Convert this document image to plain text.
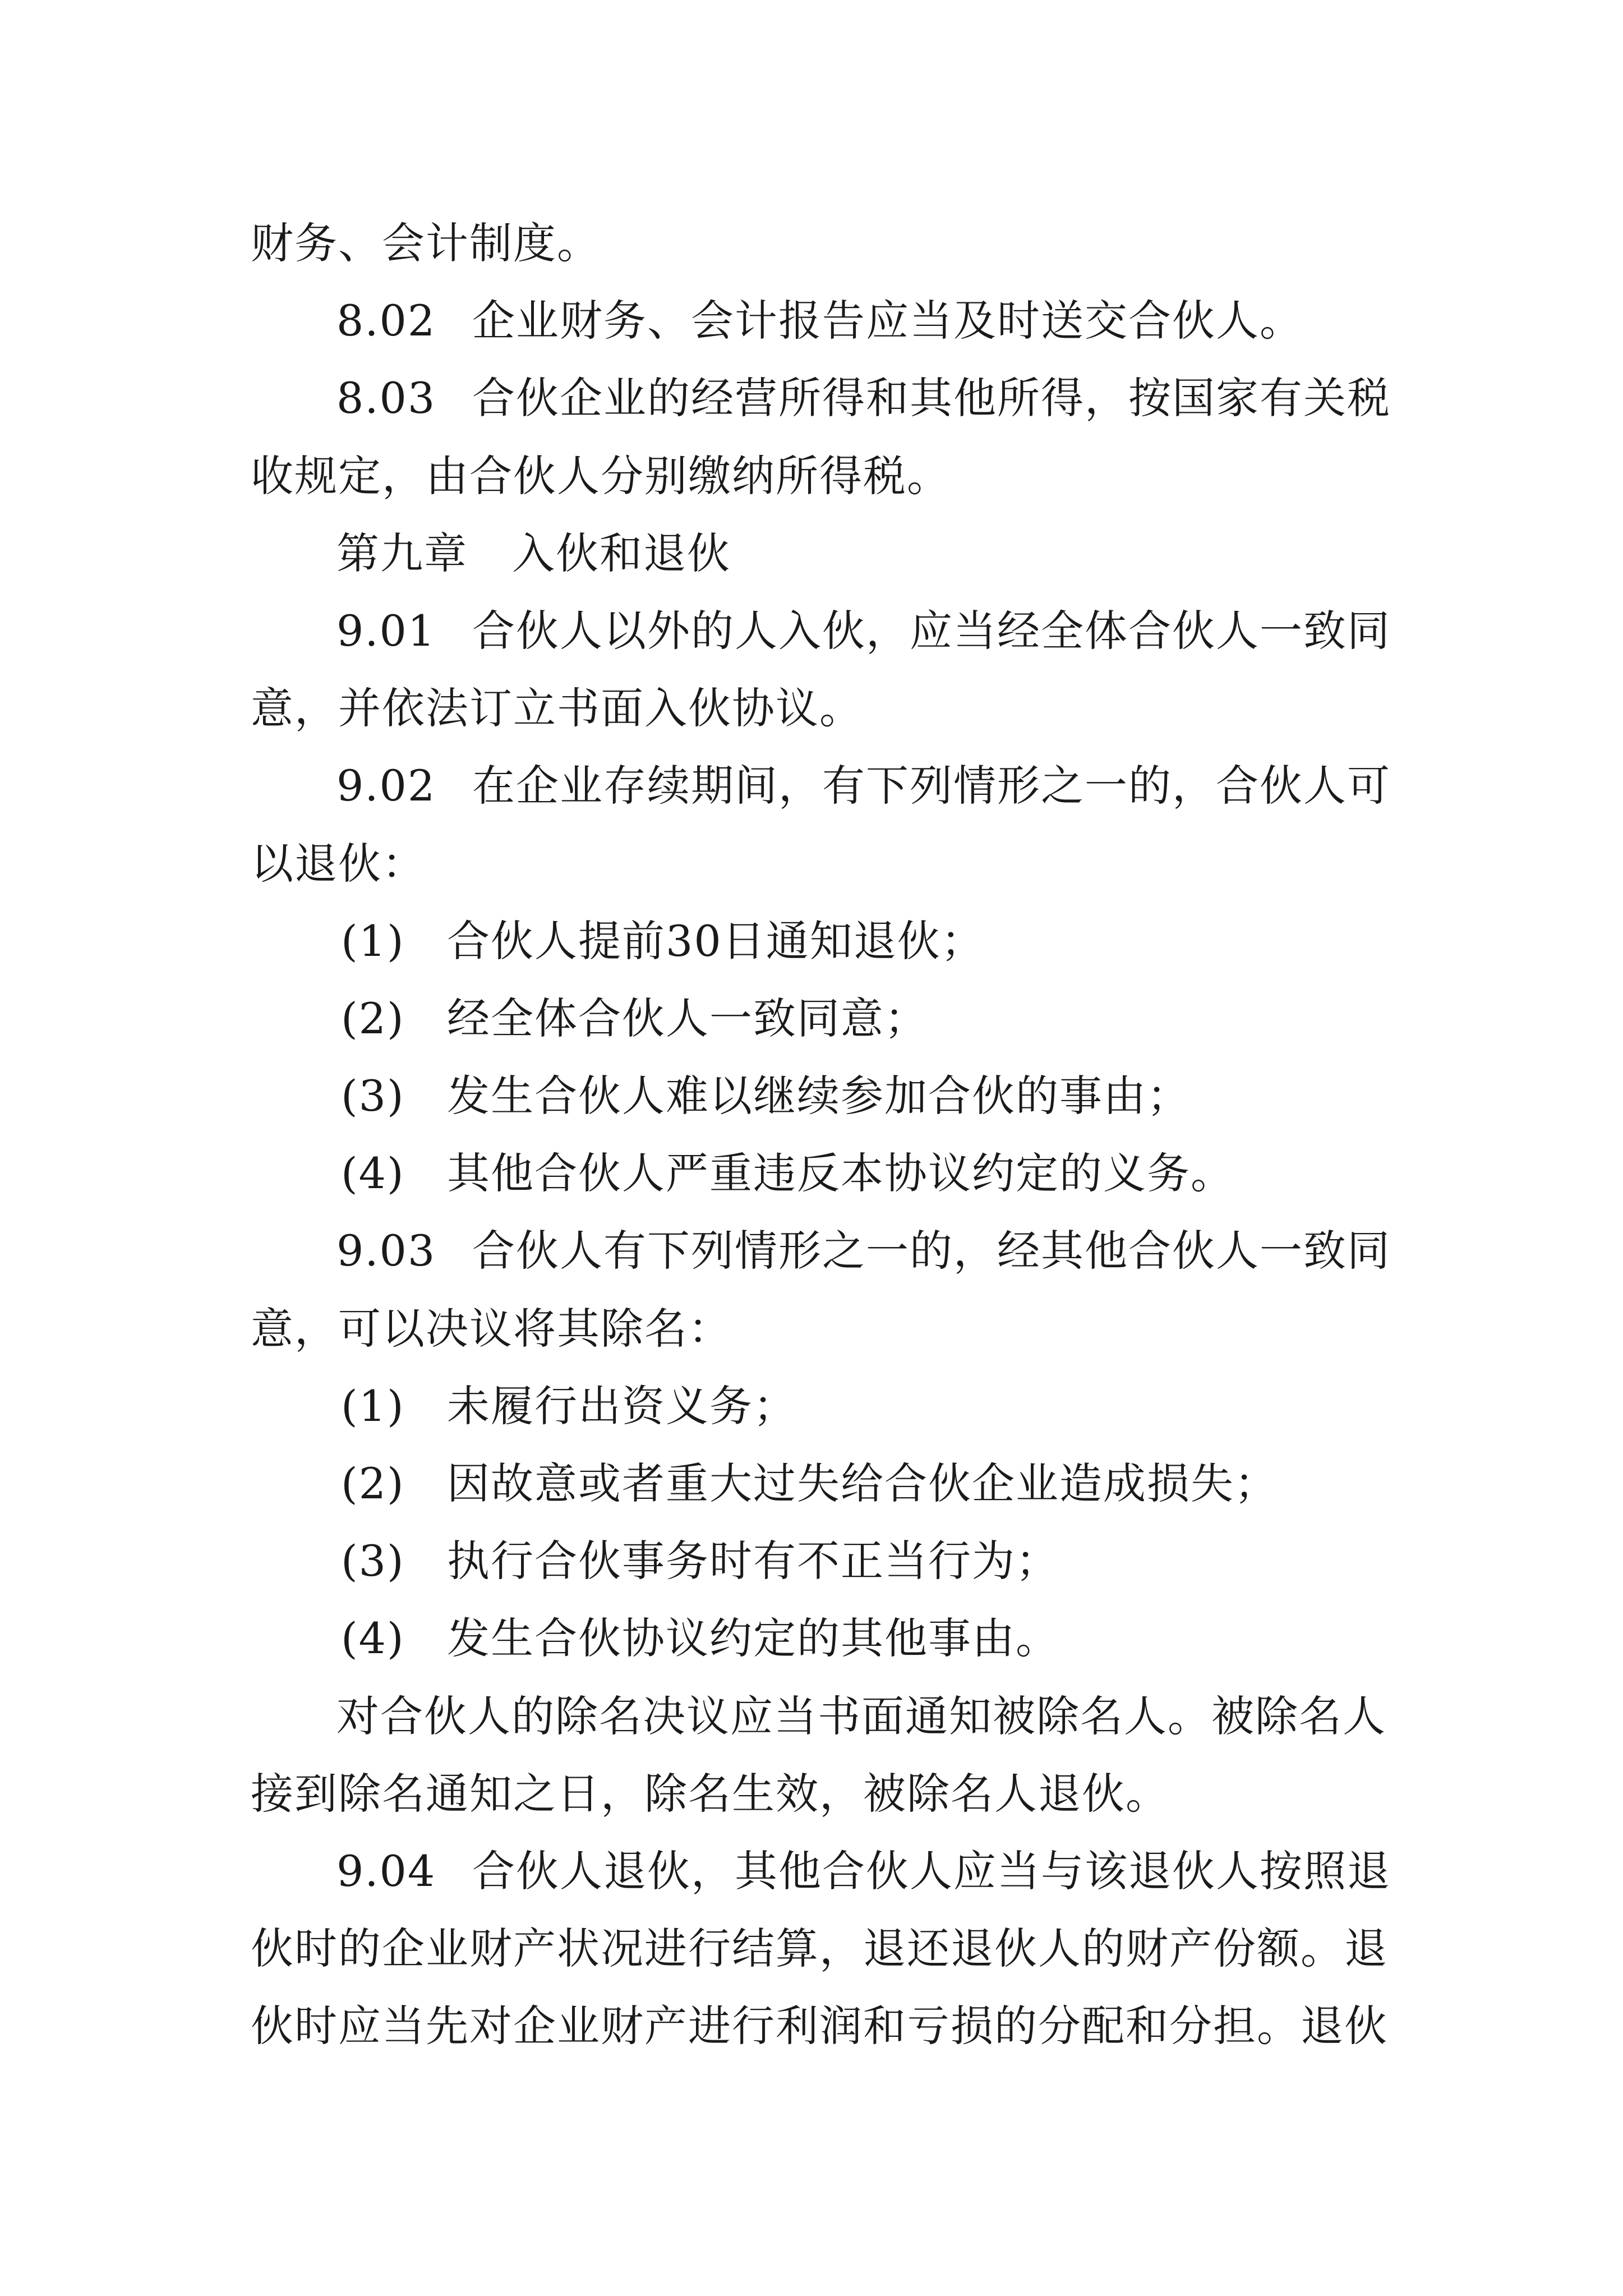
财务、会计制度。
8.02 企业财务、会计报告应当及时送交合伙人。
8.03 合伙企业的经营所得和其他所得，按国家有关税
收规定，由合伙人分别缴纳所得税。
第九章 入伙和退伙
9.01 合伙人以外的人入伙，应当经全体合伙人一致同
意，并依法订立书面入伙协议。
9.02 在企业存续期间，有下列情形之一的，合伙人可
以退伙：
(1) 合伙人提前30日通知退伙；
(2) 经全体合伙人一致同意；
(3) 发生合伙人难以继续参加合伙的事由；
(4) 其他合伙人严重违反本协议约定的义务。
9.03 合伙人有下列情形之一的，经其他合伙人一致同
意，可以决议将其除名：
(1) 未履行出资义务；
(2) 因故意或者重大过失给合伙企业造成损失；
(3) 执行合伙事务时有不正当行为；
(4) 发生合伙协议约定的其他事由。
对合伙人的除名决议应当书面通知被除名人。被除名人
接到除名通知之日，除名生效，被除名人退伙。
9.04 合伙人退伙，其他合伙人应当与该退伙人按照退
伙时的企业财产状况进行结算，退还退伙人的财产份额。退
伙时应当先对企业财产进行利润和亏损的分配和分担。退伙
